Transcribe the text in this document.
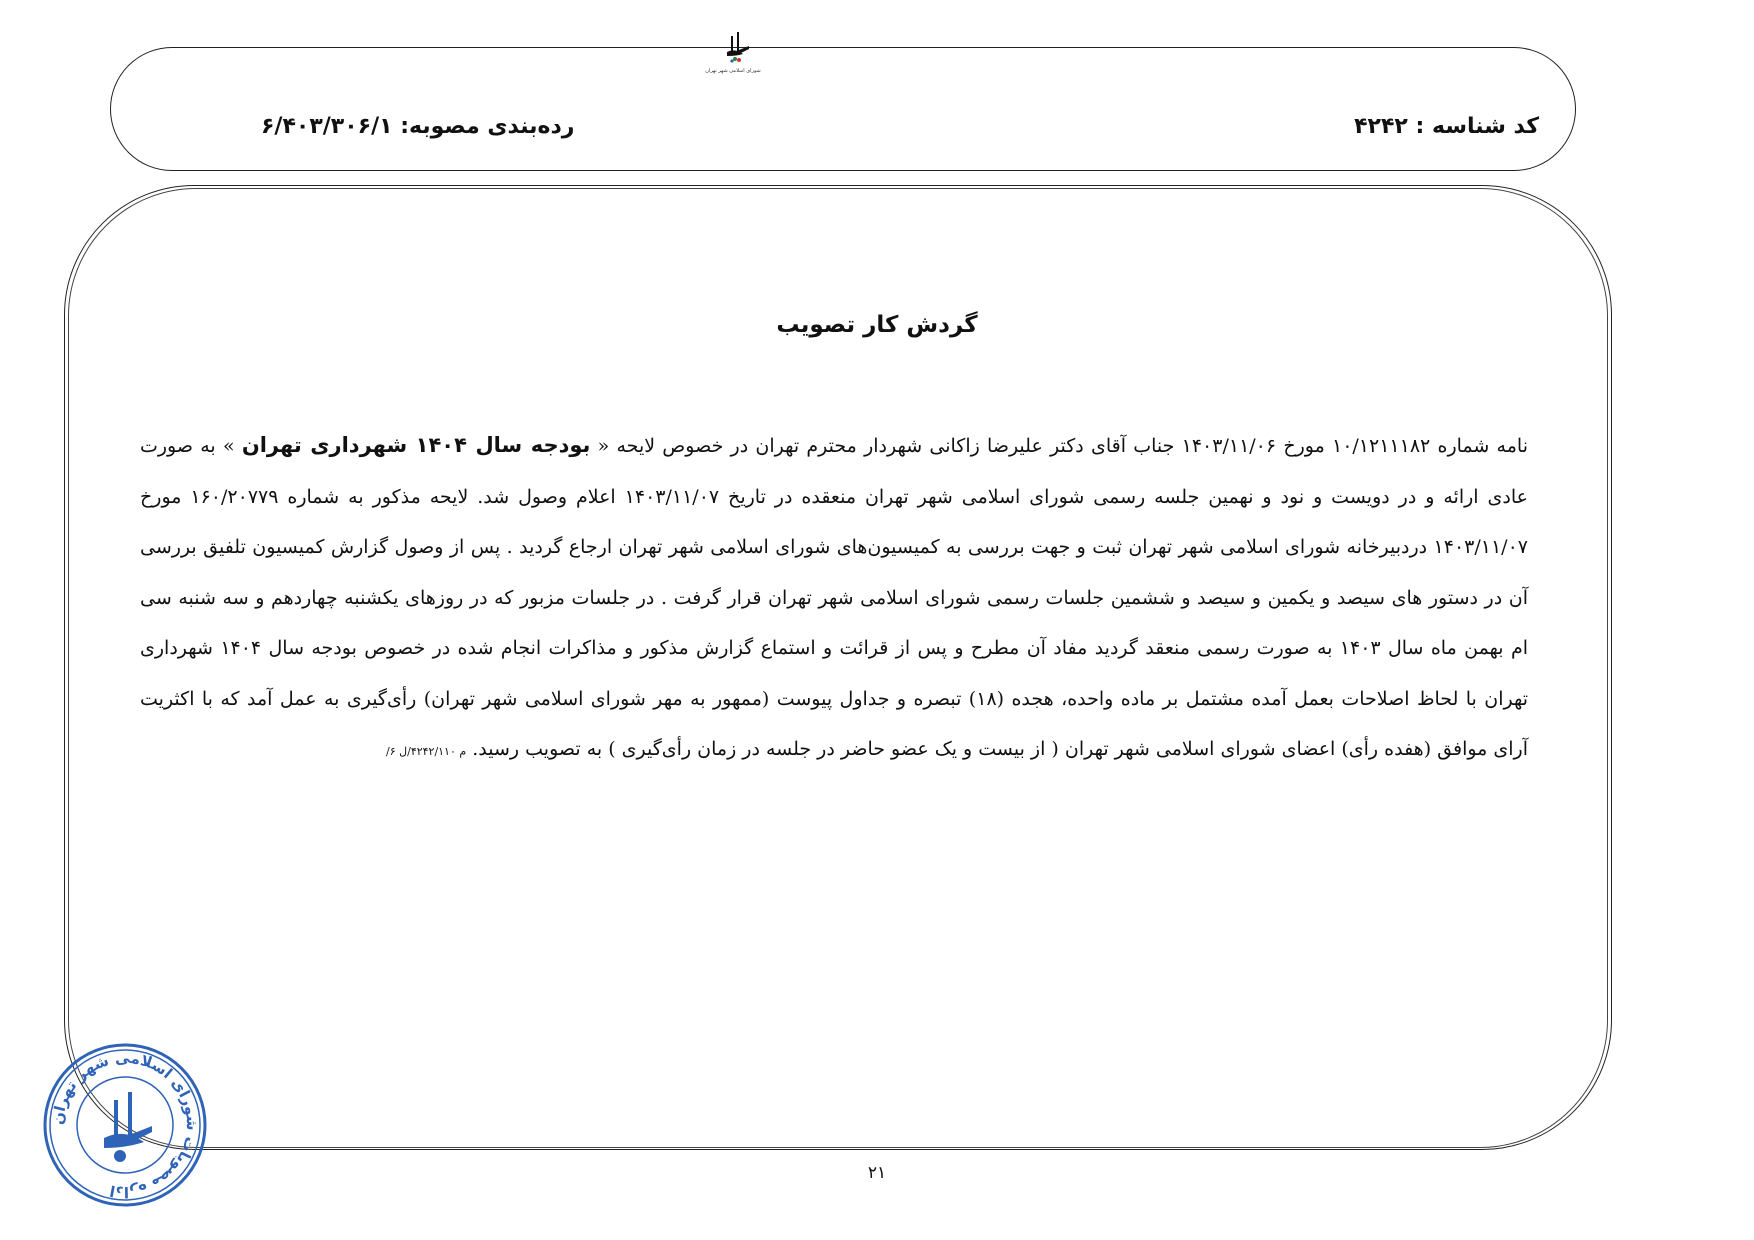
کد شناسه : ۴۲۴۲
رده‌بندی مصوبه: ۶/۴۰۳/۳۰۶/۱
شورای اسلامی شهر تهران
گردش کار تصویب
نامه شماره ۱۰/۱۲۱۱۱۸۲ مورخ ۱۴۰۳/۱۱/۰۶ جناب آقای دکتر علیرضا زاکانی شهردار محترم تهران در خصوص لایحه « بودجه سال ۱۴۰۴ شهرداری تهران » به صورت عادی ارائه و در دویست و نود و نهمین جلسه رسمی شورای اسلامی شهر تهران منعقده در تاریخ ۱۴۰۳/۱۱/۰۷ اعلام وصول شد. لایحه مذکور به شماره ۱۶۰/۲۰۷۷۹ مورخ ۱۴۰۳/۱۱/۰۷ دردبیرخانه شورای اسلامی شهر تهران ثبت و جهت بررسی به کمیسیون‌های شورای اسلامی شهر تهران ارجاع گردید . پس از وصول گزارش کمیسیون تلفیق بررسی آن در دستور های سیصد و یکمین و سیصد و ششمین جلسات رسمی شورای اسلامی شهر تهران قرار گرفت . در جلسات مزبور که در روزهای یکشنبه چهاردهم و سه شنبه سی ام بهمن ماه سال ۱۴۰۳ به صورت رسمی منعقد گردید مفاد آن مطرح و پس از قرائت و استماع گزارش مذکور و مذاکرات انجام شده در خصوص بودجه سال ۱۴۰۴ شهرداری تهران با لحاظ اصلاحات بعمل آمده مشتمل بر ماده واحده، هجده (۱۸) تبصره و جداول پیوست (ممهور به مهر شورای اسلامی شهر تهران) رأی‌گیری به عمل آمد که با اکثریت آرای موافق (هفده رأی) اعضای شورای اسلامی شهر تهران ( از بیست و یک عضو حاضر در جلسه در زمان رأی‌گیری ) به تصویب رسید. م ۴۲۴۲/۱۱۰/ل ۶/
۲۱
اداره مصوبات شورای اسلامی شهر تهران
